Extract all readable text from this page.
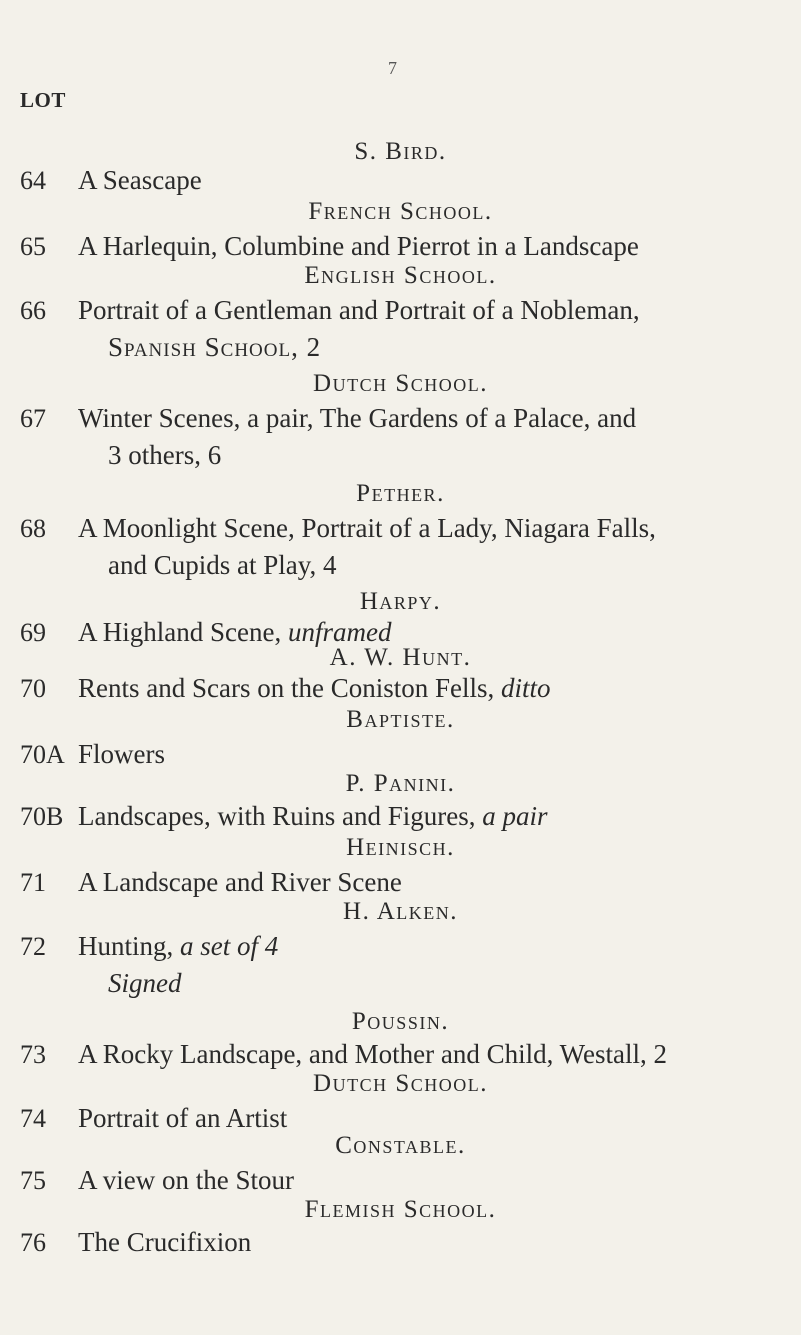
7
LOT
S. Bird.
64 A Seascape
French School.
65 A Harlequin, Columbine and Pierrot in a Landscape
English School.
66 Portrait of a Gentleman and Portrait of a Nobleman,
Spanish School, 2
Dutch School.
67 Winter Scenes, a pair, The Gardens of a Palace, and
3 others, 6
Pether.
68 A Moonlight Scene, Portrait of a Lady, Niagara Falls,
and Cupids at Play, 4
Harpy.
69 A Highland Scene, unframed
A. W. Hunt.
70 Rents and Scars on the Coniston Fells, ditto
Baptiste.
70A Flowers
P. Panini.
70B Landscapes, with Ruins and Figures, a pair
Heinisch.
71 A Landscape and River Scene
H. Alken.
72 Hunting, a set of 4
Signed
Poussin.
73 A Rocky Landscape, and Mother and Child, Westall, 2
Dutch School.
74 Portrait of an Artist
Constable.
75 A view on the Stour
Flemish School.
76 The Crucifixion
